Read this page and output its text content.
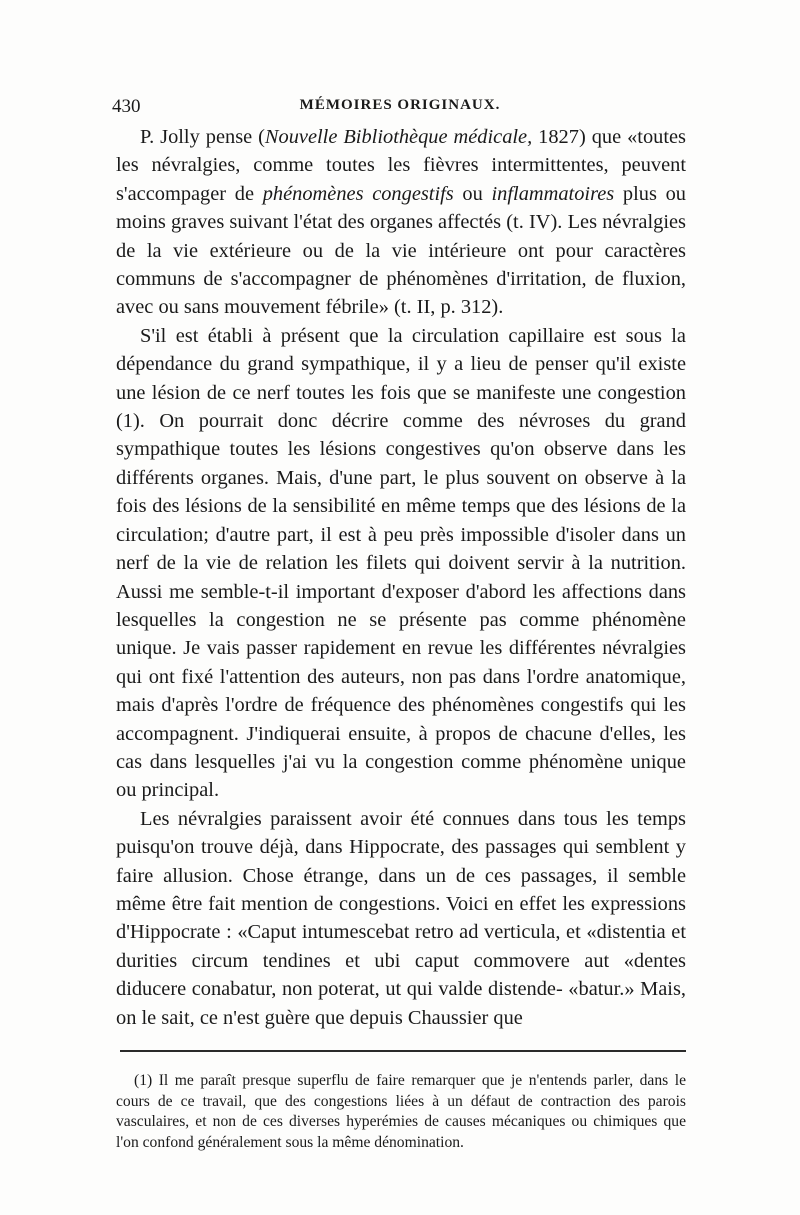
430	MÉMOIRES ORIGINAUX.

P. Jolly pense (Nouvelle Bibliothèque médicale, 1827) que «toutes les névralgies, comme toutes les fièvres intermittentes, peuvent s'accompager de phénomènes congestifs ou inflammatoires plus ou moins graves suivant l'état des organes affectés (t. IV). Les névralgies de la vie extérieure ou de la vie intérieure ont pour caractères communs de s'accompagner de phénomènes d'irritation, de fluxion, avec ou sans mouvement fébrile» (t. II, p. 312).

S'il est établi à présent que la circulation capillaire est sous la dépendance du grand sympathique, il y a lieu de penser qu'il existe une lésion de ce nerf toutes les fois que se manifeste une congestion (1). On pourrait donc décrire comme des névroses du grand sympathique toutes les lésions congestives qu'on observe dans les différents organes. Mais, d'une part, le plus souvent on observe à la fois des lésions de la sensibilité en même temps que des lésions de la circulation; d'autre part, il est à peu près impossible d'isoler dans un nerf de la vie de relation les filets qui doivent servir à la nutrition. Aussi me semble-t-il important d'exposer d'abord les affections dans lesquelles la congestion ne se présente pas comme phénomène unique. Je vais passer rapidement en revue les différentes névralgies qui ont fixé l'attention des auteurs, non pas dans l'ordre anatomique, mais d'après l'ordre de fréquence des phénomènes congestifs qui les accompagnent. J'indiquerai ensuite, à propos de chacune d'elles, les cas dans lesquelles j'ai vu la congestion comme phénomène unique ou principal.

Les névralgies paraissent avoir été connues dans tous les temps puisqu'on trouve déjà, dans Hippocrate, des passages qui semblent y faire allusion. Chose étrange, dans un de ces passages, il semble même être fait mention de congestions. Voici en effet les expressions d'Hippocrate : «Caput intumescebat retro ad verticula, et «distentia et durities circum tendines et ubi caput commovere aut «dentes diducere conabatur, non poterat, ut qui valde distende- «batur.» Mais, on le sait, ce n'est guère que depuis Chaussier que

(1) Il me paraît presque superflu de faire remarquer que je n'entends parler, dans le cours de ce travail, que des congestions liées à un défaut de contraction des parois vasculaires, et non de ces diverses hyperémies de causes mécaniques ou chimiques que l'on confond généralement sous la même dénomination.
